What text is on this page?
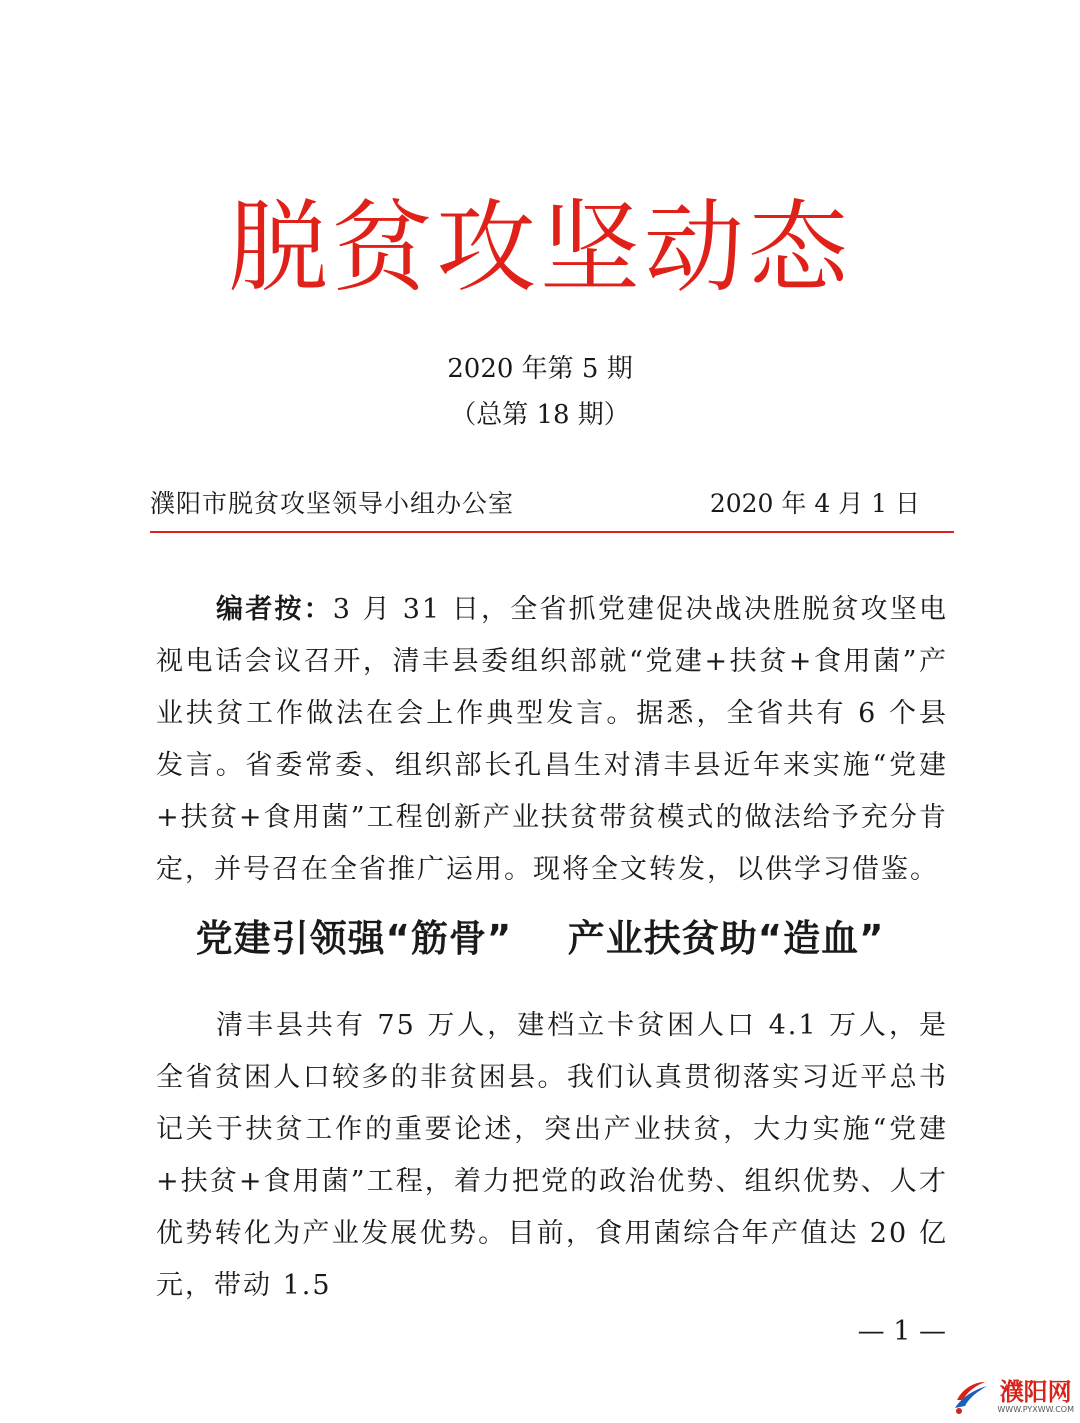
脱贫攻坚动态
2020 年第 5 期
（总第 18 期）
濮阳市脱贫攻坚领导小组办公室	2020 年 4 月 1 日

编者按：3 月 31 日，全省抓党建促决战决胜脱贫攻坚电视电话会议召开，清丰县委组织部就“党建+扶贫+食用菌”产业扶贫工作做法在会上作典型发言。据悉，全省共有 6 个县发言。省委常委、组织部长孔昌生对清丰县近年来实施“党建+扶贫+食用菌”工程创新产业扶贫带贫模式的做法给予充分肯定，并号召在全省推广运用。现将全文转发，以供学习借鉴。

党建引领强“筋骨”    产业扶贫助“造血”

清丰县共有 75 万人，建档立卡贫困人口 4.1 万人，是全省贫困人口较多的非贫困县。我们认真贯彻落实习近平总书记关于扶贫工作的重要论述，突出产业扶贫，大力实施“党建+扶贫+食用菌”工程，着力把党的政治优势、组织优势、人才优势转化为产业发展优势。目前，食用菌综合年产值达 20 亿元，带动 1.5

— 1 —
濮阳网
WWW.PYXWW.COM
